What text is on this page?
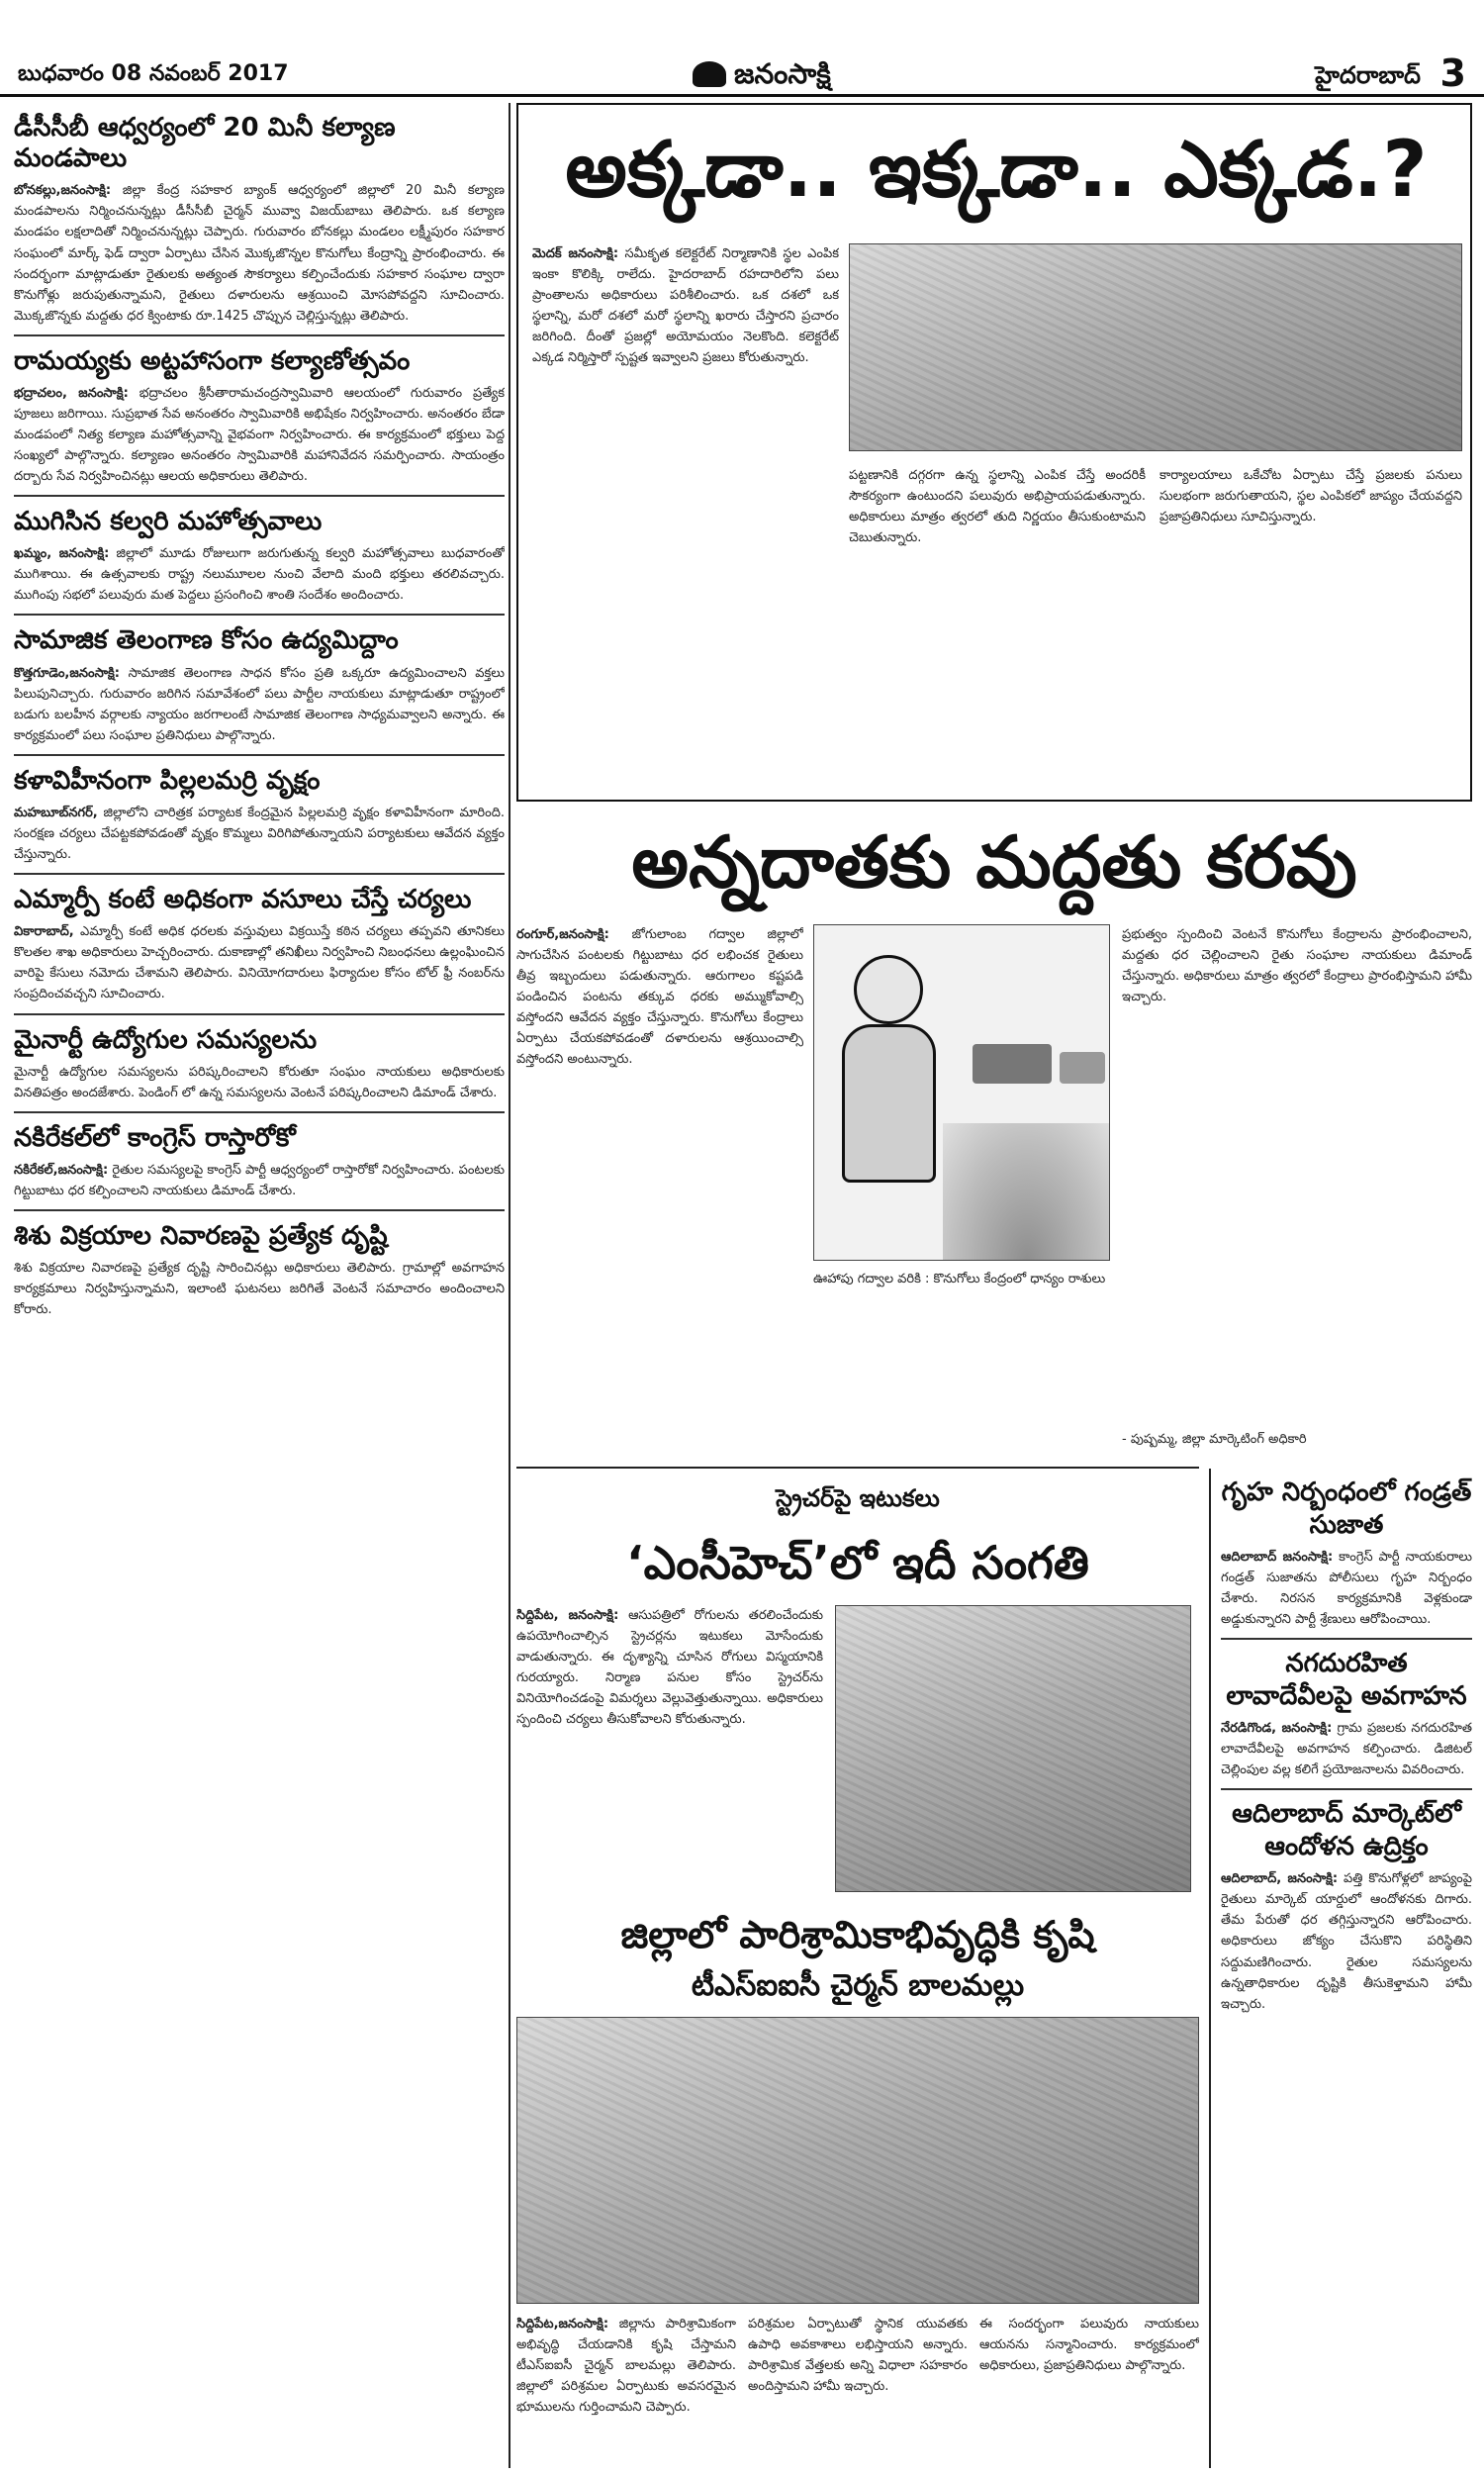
బుధవారం 08 నవంబర్ 2017	జనంసాక్షి	హైదరాబాద్ 3
డీసీసీబీ ఆధ్వర్యంలో 20 మినీ కల్యాణ మండపాలు
బోనకల్లు,జనంసాక్షి: జిల్లా కేంద్ర సహకార బ్యాంక్ ఆధ్వర్యంలో జిల్లాలో 20 మినీ కల్యాణ మండపాలను నిర్మించనున్నట్లు డీసీసీబీ చైర్మన్ మువ్వా విజయ్‌బాబు తెలిపారు. ఒక కల్యాణ మండపం లక్షలాదితో నిర్మించనున్నట్లు చెప్పారు. గురువారం బోనకల్లు మండలం లక్ష్మీపురం సహకార సంఘంలో మార్క్ ఫెడ్ ద్వారా ఏర్పాటు చేసిన మొక్కజొన్నల కొనుగోలు కేంద్రాన్ని ప్రారంభించారు. ఈ సందర్భంగా మాట్లాడుతూ రైతులకు అత్యంత సౌకర్యాలు కల్పించేందుకు సహకార సంఘాల ద్వారా కొనుగోళ్లు జరుపుతున్నామని, రైతులు దళారులను ఆశ్రయించి మోసపోవద్దని సూచించారు. మొక్కజొన్నకు మద్దతు ధర క్వింటాకు రూ.1425 చొప్పున చెల్లిస్తున్నట్లు తెలిపారు.
రామయ్యకు అట్టహాసంగా కల్యాణోత్సవం
భద్రాచలం, జనంసాక్షి: భద్రాచలం శ్రీసీతారామచంద్రస్వామివారి ఆలయంలో గురువారం ప్రత్యేక పూజలు జరిగాయి. సుప్రభాత సేవ అనంతరం స్వామివారికి అభిషేకం నిర్వహించారు. అనంతరం బేడా మండపంలో నిత్య కల్యాణ మహోత్సవాన్ని వైభవంగా నిర్వహించారు. ఈ కార్యక్రమంలో భక్తులు పెద్ద సంఖ్యలో పాల్గొన్నారు. కల్యాణం అనంతరం స్వామివారికి మహానివేదన సమర్పించారు. సాయంత్రం దర్బారు సేవ నిర్వహించినట్లు ఆలయ అధికారులు తెలిపారు.
ముగిసిన కల్వరి మహోత్సవాలు
ఖమ్మం, జనంసాక్షి: జిల్లాలో మూడు రోజులుగా జరుగుతున్న కల్వరి మహోత్సవాలు బుధవారంతో ముగిశాయి. ఈ ఉత్సవాలకు రాష్ట్ర నలుమూలల నుంచి వేలాది మంది భక్తులు తరలివచ్చారు. ముగింపు సభలో పలువురు మత పెద్దలు ప్రసంగించి శాంతి సందేశం అందించారు.
సామాజిక తెలంగాణ కోసం ఉద్యమిద్దాం
కొత్తగూడెం,జనంసాక్షి: సామాజిక తెలంగాణ సాధన కోసం ప్రతి ఒక్కరూ ఉద్యమించాలని వక్తలు పిలుపునిచ్చారు. గురువారం జరిగిన సమావేశంలో పలు పార్టీల నాయకులు మాట్లాడుతూ రాష్ట్రంలో బడుగు బలహీన వర్గాలకు న్యాయం జరగాలంటే సామాజిక తెలంగాణ సాధ్యమవ్వాలని అన్నారు. ఈ కార్యక్రమంలో పలు సంఘాల ప్రతినిధులు పాల్గొన్నారు.
కళావిహీనంగా పిల్లలమర్రి వృక్షం
మహబూబ్‌నగర్, జిల్లాలోని చారిత్రక పర్యాటక కేంద్రమైన పిల్లలమర్రి వృక్షం కళావిహీనంగా మారింది. సంరక్షణ చర్యలు చేపట్టకపోవడంతో వృక్షం కొమ్మలు విరిగిపోతున్నాయని పర్యాటకులు ఆవేదన వ్యక్తం చేస్తున్నారు.
ఎమ్మార్పీ కంటే అధికంగా వసూలు చేస్తే చర్యలు
వికారాబాద్, ఎమ్మార్పీ కంటే అధిక ధరలకు వస్తువులు విక్రయిస్తే కఠిన చర్యలు తప్పవని తూనికలు కొలతల శాఖ అధికారులు హెచ్చరించారు. దుకాణాల్లో తనిఖీలు నిర్వహించి నిబంధనలు ఉల్లంఘించిన వారిపై కేసులు నమోదు చేశామని తెలిపారు. వినియోగదారులు ఫిర్యాదుల కోసం టోల్ ఫ్రీ నంబర్‌ను సంప్రదించవచ్చని సూచించారు.
మైనార్టీ ఉద్యోగుల సమస్యలను
మైనార్టీ ఉద్యోగుల సమస్యలను పరిష్కరించాలని కోరుతూ సంఘం నాయకులు అధికారులకు వినతిపత్రం అందజేశారు. పెండింగ్ లో ఉన్న సమస్యలను వెంటనే పరిష్కరించాలని డిమాండ్ చేశారు.
నకిరేకల్‌లో కాంగ్రెస్ రాస్తారోకో
నకిరేకల్,జనంసాక్షి: రైతుల సమస్యలపై కాంగ్రెస్ పార్టీ ఆధ్వర్యంలో రాస్తారోకో నిర్వహించారు. పంటలకు గిట్టుబాటు ధర కల్పించాలని నాయకులు డిమాండ్ చేశారు.
శిశు విక్రయాల నివారణపై ప్రత్యేక దృష్టి
శిశు విక్రయాల నివారణపై ప్రత్యేక దృష్టి సారించినట్లు అధికారులు తెలిపారు. గ్రామాల్లో అవగాహన కార్యక్రమాలు నిర్వహిస్తున్నామని, ఇలాంటి ఘటనలు జరిగితే వెంటనే సమాచారం అందించాలని కోరారు.
అక్కడా.. ఇక్కడా.. ఎక్కడ.?
మెదక్ జనంసాక్షి: సమీకృత కలెక్టరేట్ నిర్మాణానికి స్థల ఎంపిక ఇంకా కొలిక్కి రాలేదు. హైదరాబాద్ రహదారిలోని పలు ప్రాంతాలను అధికారులు పరిశీలించారు. ఒక దశలో ఒక స్థలాన్ని, మరో దశలో మరో స్థలాన్ని ఖరారు చేస్తారని ప్రచారం జరిగింది. దీంతో ప్రజల్లో అయోమయం నెలకొంది. కలెక్టరేట్ ఎక్కడ నిర్మిస్తారో స్పష్టత ఇవ్వాలని ప్రజలు కోరుతున్నారు.
పట్టణానికి దగ్గరగా ఉన్న స్థలాన్ని ఎంపిక చేస్తే అందరికీ సౌకర్యంగా ఉంటుందని పలువురు అభిప్రాయపడుతున్నారు. అధికారులు మాత్రం త్వరలో తుది నిర్ణయం తీసుకుంటామని చెబుతున్నారు.
కార్యాలయాలు ఒకేచోట ఏర్పాటు చేస్తే ప్రజలకు పనులు సులభంగా జరుగుతాయని, స్థల ఎంపికలో జాప్యం చేయవద్దని ప్రజాప్రతినిధులు సూచిస్తున్నారు.
అన్నదాతకు మద్దతు కరవు
రంగూర్,జనంసాక్షి: జోగులాంబ గద్వాల జిల్లాలో సాగుచేసిన పంటలకు గిట్టుబాటు ధర లభించక రైతులు తీవ్ర ఇబ్బందులు పడుతున్నారు. ఆరుగాలం కష్టపడి పండించిన పంటను తక్కువ ధరకు అమ్ముకోవాల్సి వస్తోందని ఆవేదన వ్యక్తం చేస్తున్నారు. కొనుగోలు కేంద్రాలు ఏర్పాటు చేయకపోవడంతో దళారులను ఆశ్రయించాల్సి వస్తోందని అంటున్నారు.
ఊహాపు గద్వాల వరికి : కొనుగోలు కేంద్రంలో ధాన్యం రాశులు
ప్రభుత్వం స్పందించి వెంటనే కొనుగోలు కేంద్రాలను ప్రారంభించాలని, మద్దతు ధర చెల్లించాలని రైతు సంఘాల నాయకులు డిమాండ్ చేస్తున్నారు. అధికారులు మాత్రం త్వరలో కేంద్రాలు ప్రారంభిస్తామని హామీ ఇచ్చారు.
- పుష్పమ్మ, జిల్లా మార్కెటింగ్ అధికారి
స్ట్రెచర్‌పై ఇటుకలు
‘ఎంసీహెచ్’లో ఇదీ సంగతి
సిద్దిపేట, జనంసాక్షి: ఆసుపత్రిలో రోగులను తరలించేందుకు ఉపయోగించాల్సిన స్ట్రెచర్లను ఇటుకలు మోసేందుకు వాడుతున్నారు. ఈ దృశ్యాన్ని చూసిన రోగులు విస్మయానికి గురయ్యారు. నిర్మాణ పనుల కోసం స్ట్రెచర్‌ను వినియోగించడంపై విమర్శలు వెల్లువెత్తుతున్నాయి. అధికారులు స్పందించి చర్యలు తీసుకోవాలని కోరుతున్నారు.
గృహ నిర్బంధంలో గండ్రత్ సుజాత
ఆదిలాబాద్ జనంసాక్షి: కాంగ్రెస్ పార్టీ నాయకురాలు గండ్రత్ సుజాతను పోలీసులు గృహ నిర్బంధం చేశారు. నిరసన కార్యక్రమానికి వెళ్లకుండా అడ్డుకున్నారని పార్టీ శ్రేణులు ఆరోపించాయి.
నగదురహిత లావాదేవీలపై అవగాహన
నేరడిగొండ, జనంసాక్షి: గ్రామ ప్రజలకు నగదురహిత లావాదేవీలపై అవగాహన కల్పించారు. డిజిటల్ చెల్లింపుల వల్ల కలిగే ప్రయోజనాలను వివరించారు.
ఆదిలాబాద్ మార్కెట్‌లో ఆందోళన ఉద్రిక్తం
ఆదిలాబాద్, జనంసాక్షి: పత్తి కొనుగోళ్లలో జాప్యంపై రైతులు మార్కెట్ యార్డులో ఆందోళనకు దిగారు. తేమ పేరుతో ధర తగ్గిస్తున్నారని ఆరోపించారు. అధికారులు జోక్యం చేసుకొని పరిస్థితిని సద్దుమణిగించారు. రైతుల సమస్యలను ఉన్నతాధికారుల దృష్టికి తీసుకెళ్తామని హామీ ఇచ్చారు.
జిల్లాలో పారిశ్రామికాభివృద్ధికి కృషి
టీఎస్ఐఐసీ చైర్మన్ బాలమల్లు
సిద్దిపేట,జనంసాక్షి: జిల్లాను పారిశ్రామికంగా అభివృద్ధి చేయడానికి కృషి చేస్తామని టీఎస్ఐఐసీ చైర్మన్ బాలమల్లు తెలిపారు. జిల్లాలో పరిశ్రమల ఏర్పాటుకు అవసరమైన భూములను గుర్తించామని చెప్పారు.
పరిశ్రమల ఏర్పాటుతో స్థానిక యువతకు ఉపాధి అవకాశాలు లభిస్తాయని అన్నారు. పారిశ్రామిక వేత్తలకు అన్ని విధాలా సహకారం అందిస్తామని హామీ ఇచ్చారు.
ఈ సందర్భంగా పలువురు నాయకులు ఆయనను సన్మానించారు. కార్యక్రమంలో అధికారులు, ప్రజాప్రతినిధులు పాల్గొన్నారు.
